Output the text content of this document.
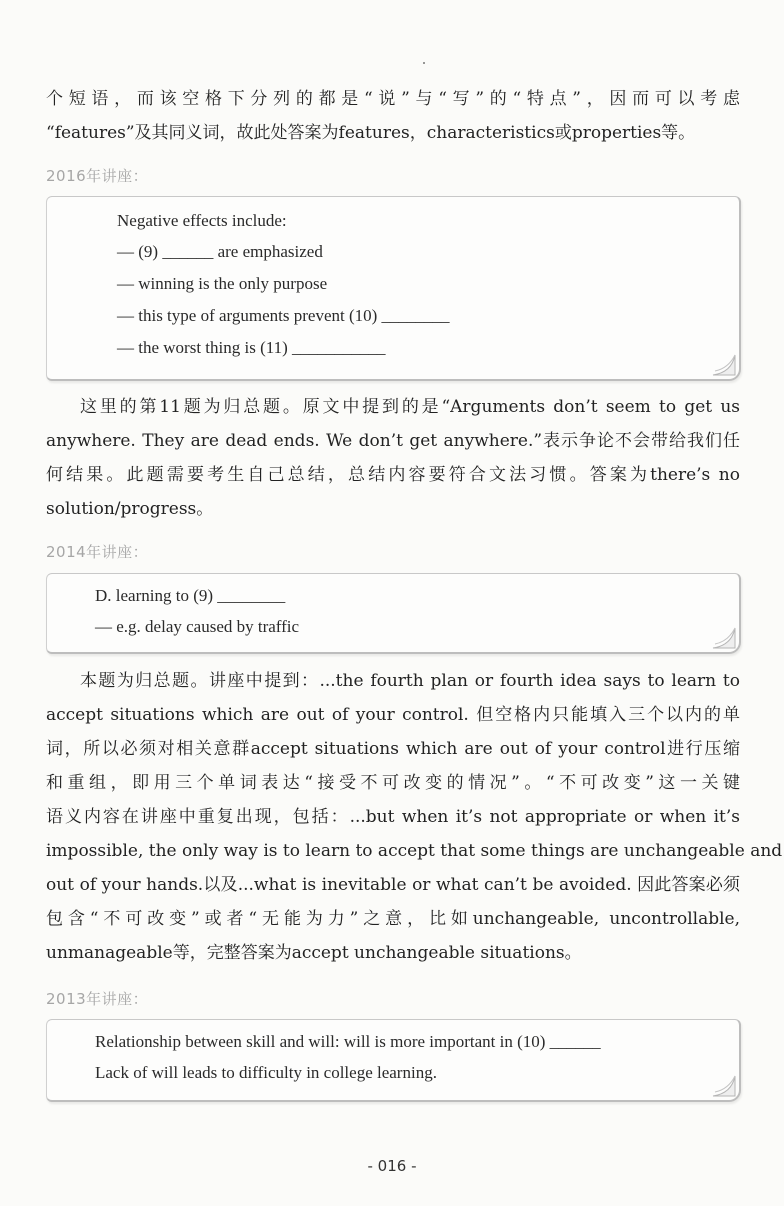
个短语，而该空格下分列的都是“说”与“写”的“特点”，因而可以考虑
“features”及其同义词，故此处答案为features，characteristics或properties等。
2016年讲座：
Negative effects include:
— (9) ______ are emphasized
— winning is the only purpose
— this type of arguments prevent (10) ________
— the worst thing is (11) ___________
这里的第11题为归总题。原文中提到的是“Arguments don’t seem to get us
anywhere. They are dead ends. We don’t get anywhere.”表示争论不会带给我们任
何结果。此题需要考生自己总结，总结内容要符合文法习惯。答案为there’s no
solution/progress。
2014年讲座：
D. learning to (9) ________
— e.g. delay caused by traffic
本题为归总题。讲座中提到：...the fourth plan or fourth idea says to learn to
accept situations which are out of your control. 但空格内只能填入三个以内的单
词，所以必须对相关意群accept situations which are out of your control进行压缩
和重组，即用三个单词表达“接受不可改变的情况”。“不可改变”这一关键
语义内容在讲座中重复出现，包括：...but when it’s not appropriate or when it’s
impossible, the only way is to learn to accept that some things are unchangeable and
out of your hands.以及...what is inevitable or what can’t be avoided. 因此答案必须
包含“不可改变”或者“无能为力”之意，比如unchangeable, uncontrollable,
unmanageable等，完整答案为accept unchangeable situations。
2013年讲座：
Relationship between skill and will: will is more important in (10) ______
Lack of will leads to difficulty in college learning.
- 016 -
